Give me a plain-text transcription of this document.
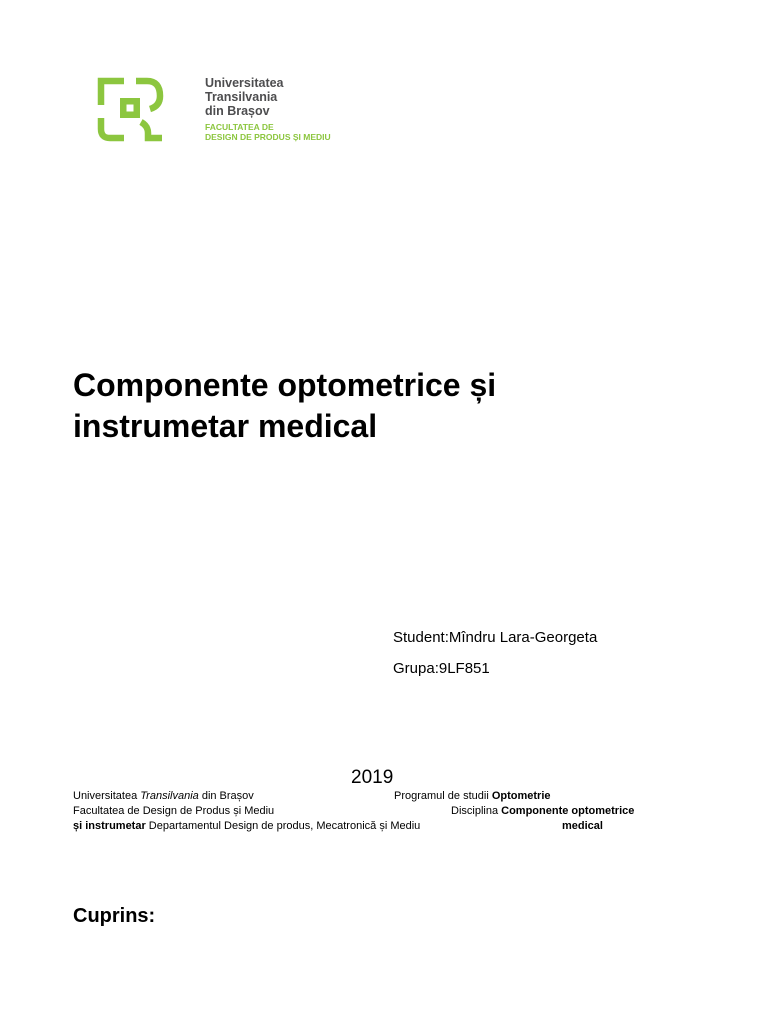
Universitatea
Transilvania
din Brașov
FACULTATEA DE
DESIGN DE PRODUS ȘI MEDIU
Componente optometrice și
instrumetar medical
Student:Mîndru Lara-Georgeta
Grupa:9LF851
2019
Universitatea Transilvania din Brașov	Programul de studii Optometrie
Facultatea de Design de Produs și Mediu	Disciplina Componente optometrice
și instrumetar Departamentul Design de produs, Mecatronică și Mediu	medical
Cuprins:
